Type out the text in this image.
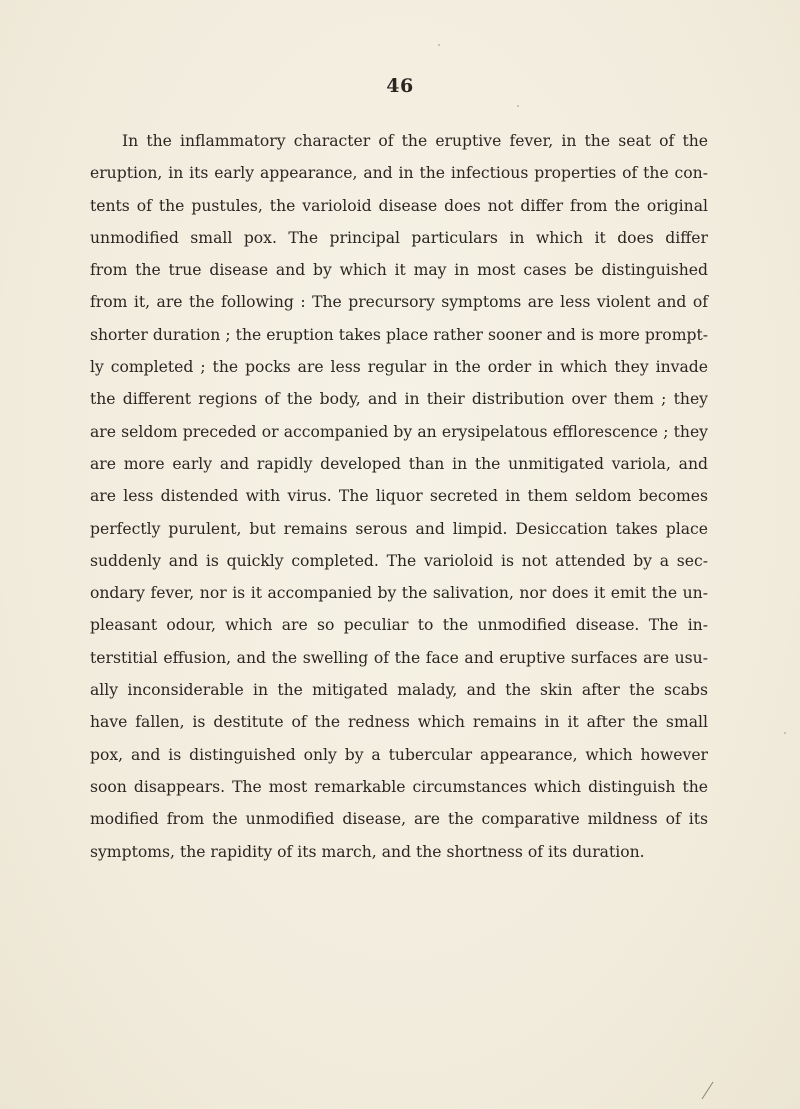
46
In the inflammatory character of the eruptive fever, in the seat of the
eruption, in its early appearance, and in the infectious properties of the con-
tents of the pustules, the varioloid disease does not differ from the original
unmodified small pox. The principal particulars in which it does differ
from the true disease and by which it may in most cases be distinguished
from it, are the following : The precursory symptoms are less violent and of
shorter duration ; the eruption takes place rather sooner and is more prompt-
ly completed ; the pocks are less regular in the order in which they invade
the different regions of the body, and in their distribution over them ; they
are seldom preceded or accompanied by an erysipelatous efflorescence ; they
are more early and rapidly developed than in the unmitigated variola, and
are less distended with virus. The liquor secreted in them seldom becomes
perfectly purulent, but remains serous and limpid. Desiccation takes place
suddenly and is quickly completed. The varioloid is not attended by a sec-
ondary fever, nor is it accompanied by the salivation, nor does it emit the un-
pleasant odour, which are so peculiar to the unmodified disease. The in-
terstitial effusion, and the swelling of the face and eruptive surfaces are usu-
ally inconsiderable in the mitigated malady, and the skin after the scabs
have fallen, is destitute of the redness which remains in it after the small
pox, and is distinguished only by a tubercular appearance, which however
soon disappears. The most remarkable circumstances which distinguish the
modified from the unmodified disease, are the comparative mildness of its
symptoms, the rapidity of its march, and the shortness of its duration.
